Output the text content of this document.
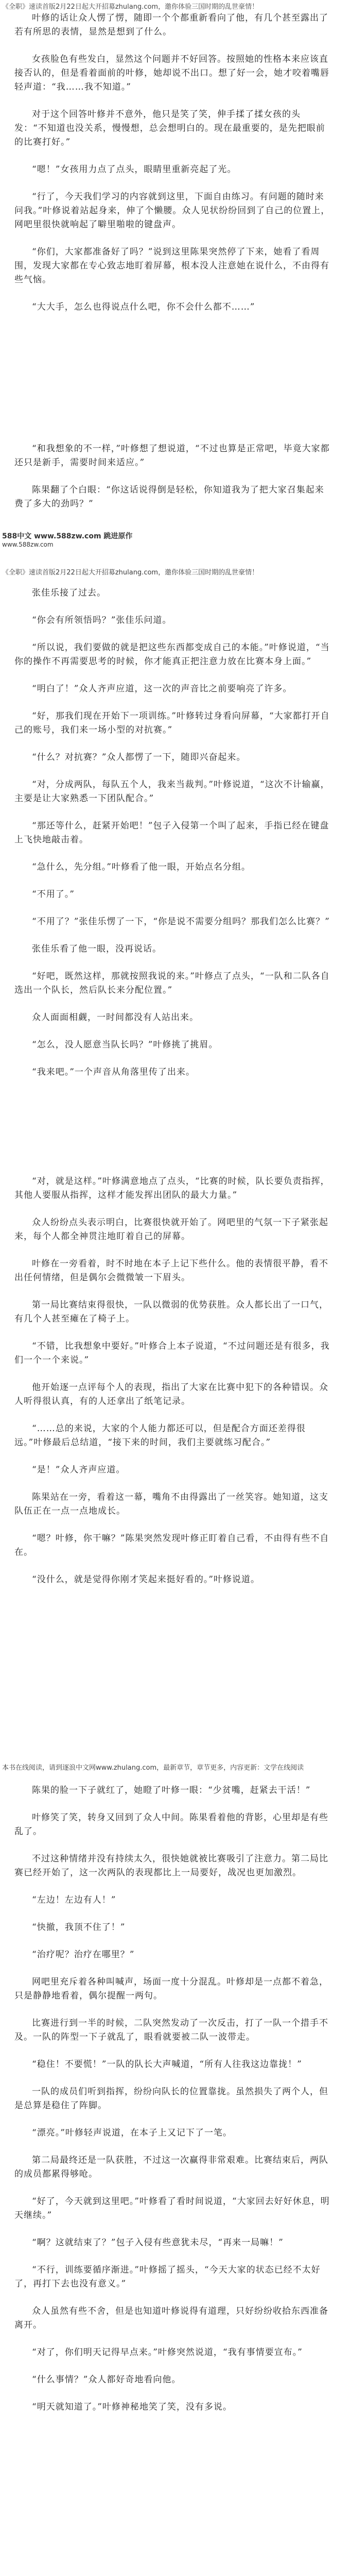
《全职》速读首版2月22日起大开招募zhulang.com，邀你体验三国时期的乱世豪情！

叶修的话让众人愣了愣，随即一个个都重新看向了他，有几个甚至露出了若有所思的表情，显然是想到了什么。

女孩脸色有些发白，显然这个问题并不好回答。按照她的性格本来应该直接否认的，但是看着面前的叶修，她却说不出口。想了好一会，她才咬着嘴唇轻声道：“我……我不知道。”

对于这个回答叶修并不意外，他只是笑了笑，伸手揉了揉女孩的头发：“不知道也没关系，慢慢想，总会想明白的。现在最重要的，是先把眼前的比赛打好。”

“嗯！”女孩用力点了点头，眼睛里重新亮起了光。

“行了，今天我们学习的内容就到这里，下面自由练习。有问题的随时来问我。”叶修说着站起身来，伸了个懒腰。众人见状纷纷回到了自己的位置上，网吧里很快就响起了噼里啪啦的键盘声。

“你们，大家都准备好了吗？”说到这里陈果突然停了下来，她看了看周围，发现大家都在专心致志地盯着屏幕，根本没人注意她在说什么，不由得有些气恼。

“大大手，怎么也得说点什么吧，你不会什么都不……”

“和我想象的不一样，”叶修想了想说道，“不过也算是正常吧，毕竟大家都还只是新手，需要时间来适应。”

陈果翻了个白眼：“你这话说得倒是轻松，你知道我为了把大家召集起来费了多大的劲吗？”

588中文 www.588zw.com 跳进原作
www.588zw.com
《全职》速读首版2月22日起大开招募zhulang.com，邀你体验三国时期的乱世豪情！

张佳乐接了过去。

“你会有所领悟吗？”张佳乐问道。

“所以说，我们要做的就是把这些东西都变成自己的本能。”叶修说道，“当你的操作不再需要思考的时候，你才能真正把注意力放在比赛本身上面。”

“明白了！”众人齐声应道，这一次的声音比之前要响亮了许多。

“好，那我们现在开始下一项训练。”叶修转过身看向屏幕，“大家都打开自己的账号，我们来一场小型的对抗赛。”

“什么？对抗赛？”众人都愣了一下，随即兴奋起来。

“对，分成两队，每队五个人，我来当裁判。”叶修说道，“这次不计输赢，主要是让大家熟悉一下团队配合。”

“那还等什么，赶紧开始吧！”包子入侵第一个叫了起来，手指已经在键盘上飞快地敲击着。

“急什么，先分组。”叶修看了他一眼，开始点名分组。

“不用了。”

“不用了？”张佳乐愣了一下，“你是说不需要分组吗？那我们怎么比赛？”

张佳乐看了他一眼，没再说话。

“好吧，既然这样，那就按照我说的来。”叶修点了点头，“一队和二队各自选出一个队长，然后队长来分配位置。”

众人面面相觑，一时间都没有人站出来。

“怎么，没人愿意当队长吗？”叶修挑了挑眉。

“我来吧。”一个声音从角落里传了出来。

“对，就是这样。”叶修满意地点了点头，“比赛的时候，队长要负责指挥，其他人要服从指挥，这样才能发挥出团队的最大力量。”

众人纷纷点头表示明白，比赛很快就开始了。网吧里的气氛一下子紧张起来，每个人都全神贯注地盯着自己的屏幕。

叶修在一旁看着，时不时地在本子上记下些什么。他的表情很平静，看不出任何情绪，但是偶尔会微微皱一下眉头。

第一局比赛结束得很快，一队以微弱的优势获胜。众人都长出了一口气，有几个人甚至瘫在了椅子上。

“不错，比我想象中要好。”叶修合上本子说道，“不过问题还是有很多，我们一个一个来说。”

他开始逐一点评每个人的表现，指出了大家在比赛中犯下的各种错误。众人听得很认真，有的人还拿出了纸笔记录。

“……总的来说，大家的个人能力都还可以，但是配合方面还差得很远。”叶修最后总结道，“接下来的时间，我们主要就练习配合。”

“是！”众人齐声应道。

陈果站在一旁，看着这一幕，嘴角不由得露出了一丝笑容。她知道，这支队伍正在一点一点地成长。

“嗯？叶修，你干嘛？”陈果突然发现叶修正盯着自己看，不由得有些不自在。

“没什么，就是觉得你刚才笑起来挺好看的。”叶修说道。

本书在线阅读，请到逐浪中文网www.zhulang.com，最新章节，章节更多，内容更新：文学在线阅读

陈果的脸一下子就红了，她瞪了叶修一眼：“少贫嘴，赶紧去干活！”

叶修笑了笑，转身又回到了众人中间。陈果看着他的背影，心里却是有些乱了。

不过这种情绪并没有持续太久，很快她就被比赛吸引了注意力。第二局比赛已经开始了，这一次两队的表现都比上一局要好，战况也更加激烈。

“左边！左边有人！”

“快撤，我顶不住了！”

“治疗呢？治疗在哪里？”

网吧里充斥着各种叫喊声，场面一度十分混乱。叶修却是一点都不着急，只是静静地看着，偶尔提醒一两句。

比赛进行到一半的时候，二队突然发动了一次反击，打了一队一个措手不及。一队的阵型一下子就乱了，眼看就要被二队一波带走。

“稳住！不要慌！”一队的队长大声喊道，“所有人往我这边靠拢！”

一队的成员们听到指挥，纷纷向队长的位置靠拢。虽然损失了两个人，但是总算是稳住了阵脚。

“漂亮。”叶修轻声说道，在本子上又记下了一笔。

第二局最终还是一队获胜，不过这一次赢得非常艰难。比赛结束后，两队的成员都累得够呛。

“好了，今天就到这里吧。”叶修看了看时间说道，“大家回去好好休息，明天继续。”

“啊？这就结束了？”包子入侵有些意犹未尽，“再来一局嘛！”

“不行，训练要循序渐进。”叶修摇了摇头，“今天大家的状态已经不太好了，再打下去也没有意义。”

众人虽然有些不舍，但是也知道叶修说得有道理，只好纷纷收拾东西准备离开。

“对了，你们明天记得早点来。”叶修突然说道，“我有事情要宣布。”

“什么事情？”众人都好奇地看向他。

“明天就知道了。”叶修神秘地笑了笑，没有多说。
